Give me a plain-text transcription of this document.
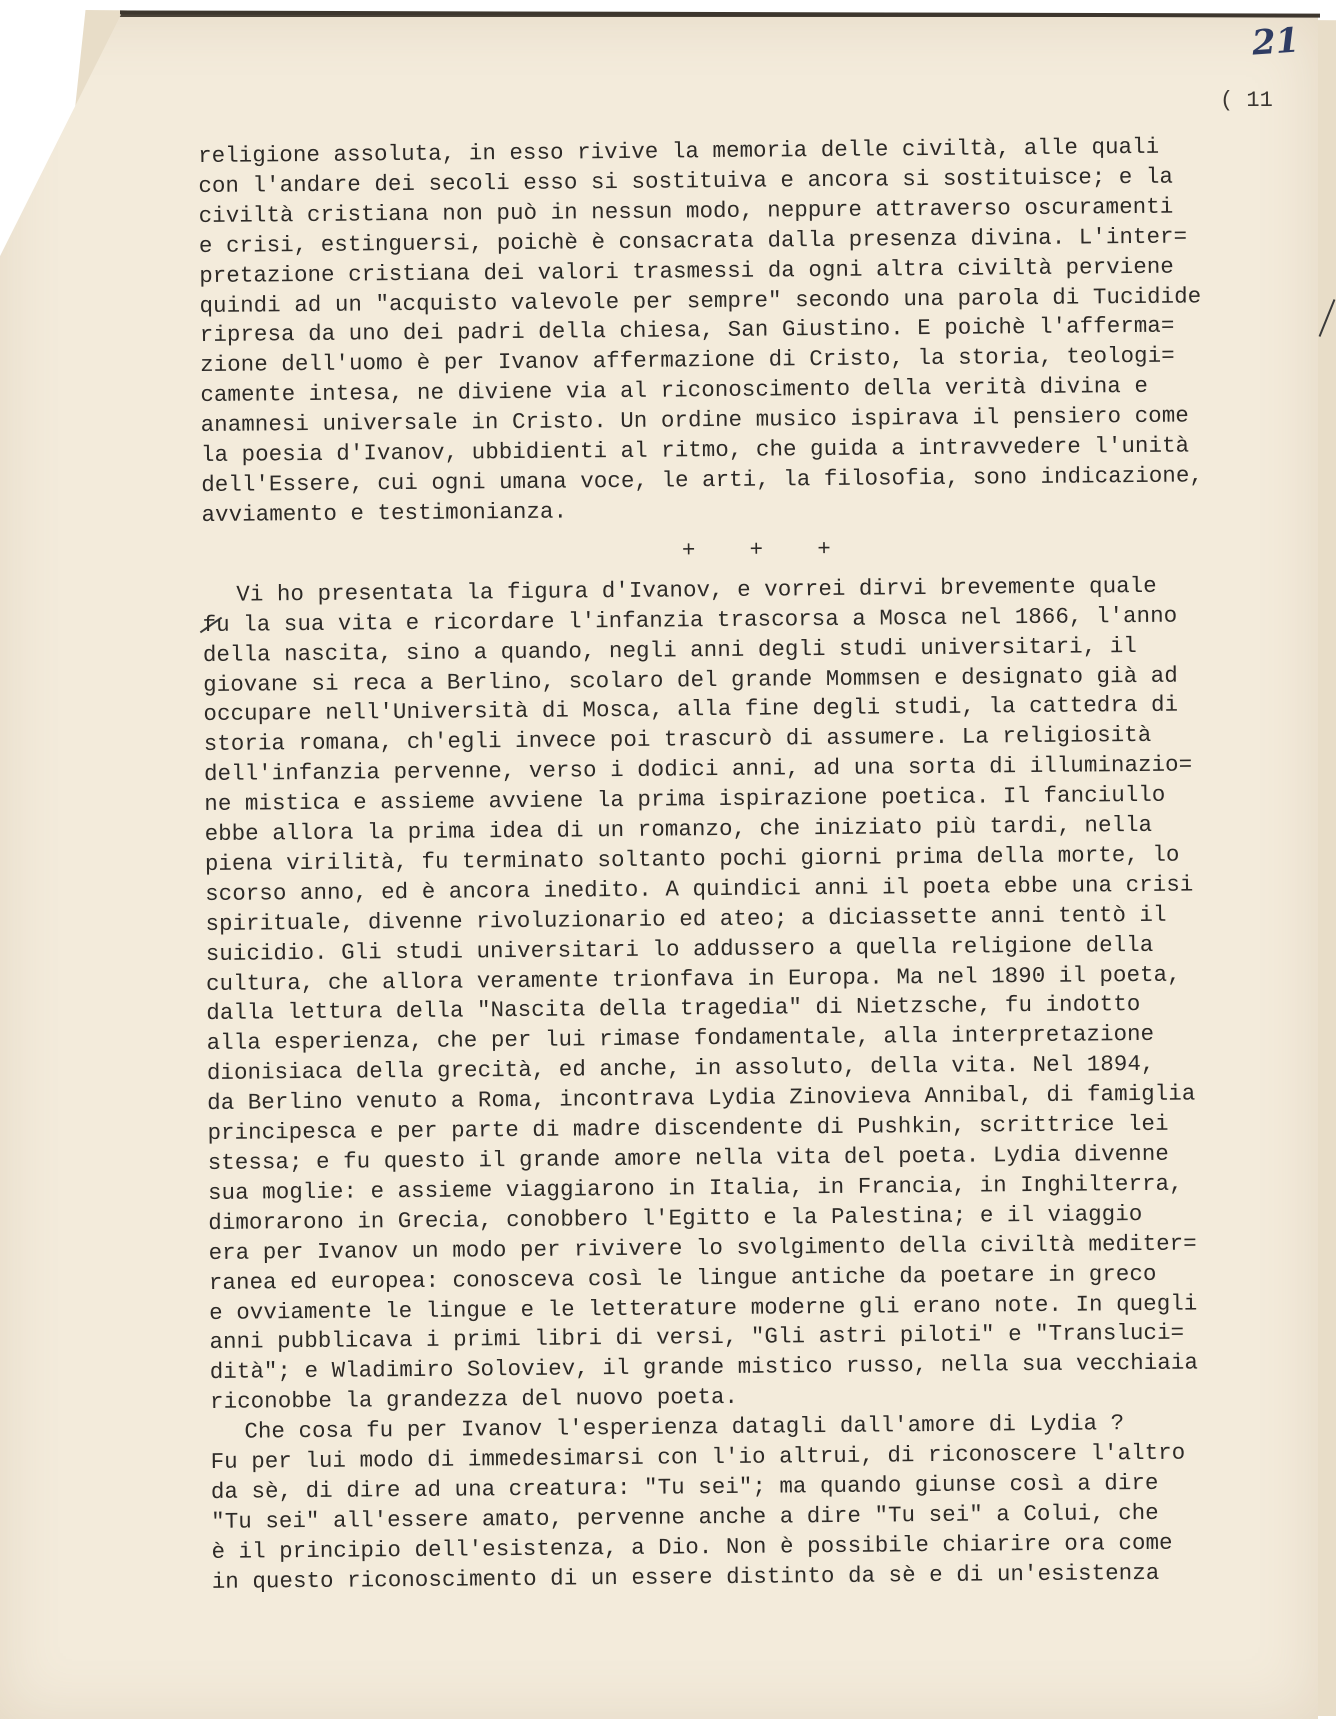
21
( 11
religione assoluta, in esso rivive la memoria delle civiltà, alle quali
con l'andare dei secoli esso si sostituiva e ancora si sostituisce; e la
civiltà cristiana non può in nessun modo, neppure attraverso oscuramenti
e crisi, estinguersi, poichè è consacrata dalla presenza divina. L'inter=
pretazione cristiana dei valori trasmessi da ogni altra civiltà perviene
quindi ad un "acquisto valevole per sempre" secondo una parola di Tucidide
ripresa da uno dei padri della chiesa, San Giustino. E poichè l'afferma=
zione dell'uomo è per Ivanov affermazione di Cristo, la storia, teologi=
camente intesa, ne diviene via al riconoscimento della verità divina e
anamnesi universale in Cristo. Un ordine musico ispirava il pensiero come
la poesia d'Ivanov, ubbidienti al ritmo, che guida a intravvedere l'unità
dell'Essere, cui ogni umana voce, le arti, la filosofia, sono indicazione,
avviamento e testimonianza.
+    +    +
Vi ho presentata la figura d'Ivanov, e vorrei dirvi brevemente quale
fu la sua vita e ricordare l'infanzia trascorsa a Mosca nel 1866, l'anno
della nascita, sino a quando, negli anni degli studi universitari, il
giovane si reca a Berlino, scolaro del grande Mommsen e designato già ad
occupare nell'Università di Mosca, alla fine degli studi, la cattedra di
storia romana, ch'egli invece poi trascurò di assumere. La religiosità
dell'infanzia pervenne, verso i dodici anni, ad una sorta di illuminazio=
ne mistica e assieme avviene la prima ispirazione poetica. Il fanciullo
ebbe allora la prima idea di un romanzo, che iniziato più tardi, nella
piena virilità, fu terminato soltanto pochi giorni prima della morte, lo
scorso anno, ed è ancora inedito. A quindici anni il poeta ebbe una crisi
spirituale, divenne rivoluzionario ed ateo; a diciassette anni tentò il
suicidio. Gli studi universitari lo addussero a quella religione della
cultura, che allora veramente trionfava in Europa. Ma nel 1890 il poeta,
dalla lettura della "Nascita della tragedia" di Nietzsche, fu indotto
alla esperienza, che per lui rimase fondamentale, alla interpretazione
dionisiaca della grecità, ed anche, in assoluto, della vita. Nel 1894,
da Berlino venuto a Roma, incontrava Lydia Zinovieva Annibal, di famiglia
principesca e per parte di madre discendente di Pushkin, scrittrice lei
stessa; e fu questo il grande amore nella vita del poeta. Lydia divenne
sua moglie: e assieme viaggiarono in Italia, in Francia, in Inghilterra,
dimorarono in Grecia, conobbero l'Egitto e la Palestina; e il viaggio
era per Ivanov un modo per rivivere lo svolgimento della civiltà mediter=
ranea ed europea: conosceva così le lingue antiche da poetare in greco
e ovviamente le lingue e le letterature moderne gli erano note. In quegli
anni pubblicava i primi libri di versi, "Gli astri piloti" e "Transluci=
dità"; e Wladimiro Soloviev, il grande mistico russo, nella sua vecchiaia
riconobbe la grandezza del nuovo poeta.
Che cosa fu per Ivanov l'esperienza datagli dall'amore di Lydia ?
Fu per lui modo di immedesimarsi con l'io altrui, di riconoscere l'altro
da sè, di dire ad una creatura: "Tu sei"; ma quando giunse così a dire
"Tu sei" all'essere amato, pervenne anche a dire "Tu sei" a Colui, che
è il principio dell'esistenza, a Dio. Non è possibile chiarire ora come
in questo riconoscimento di un essere distinto da sè e di un'esistenza
